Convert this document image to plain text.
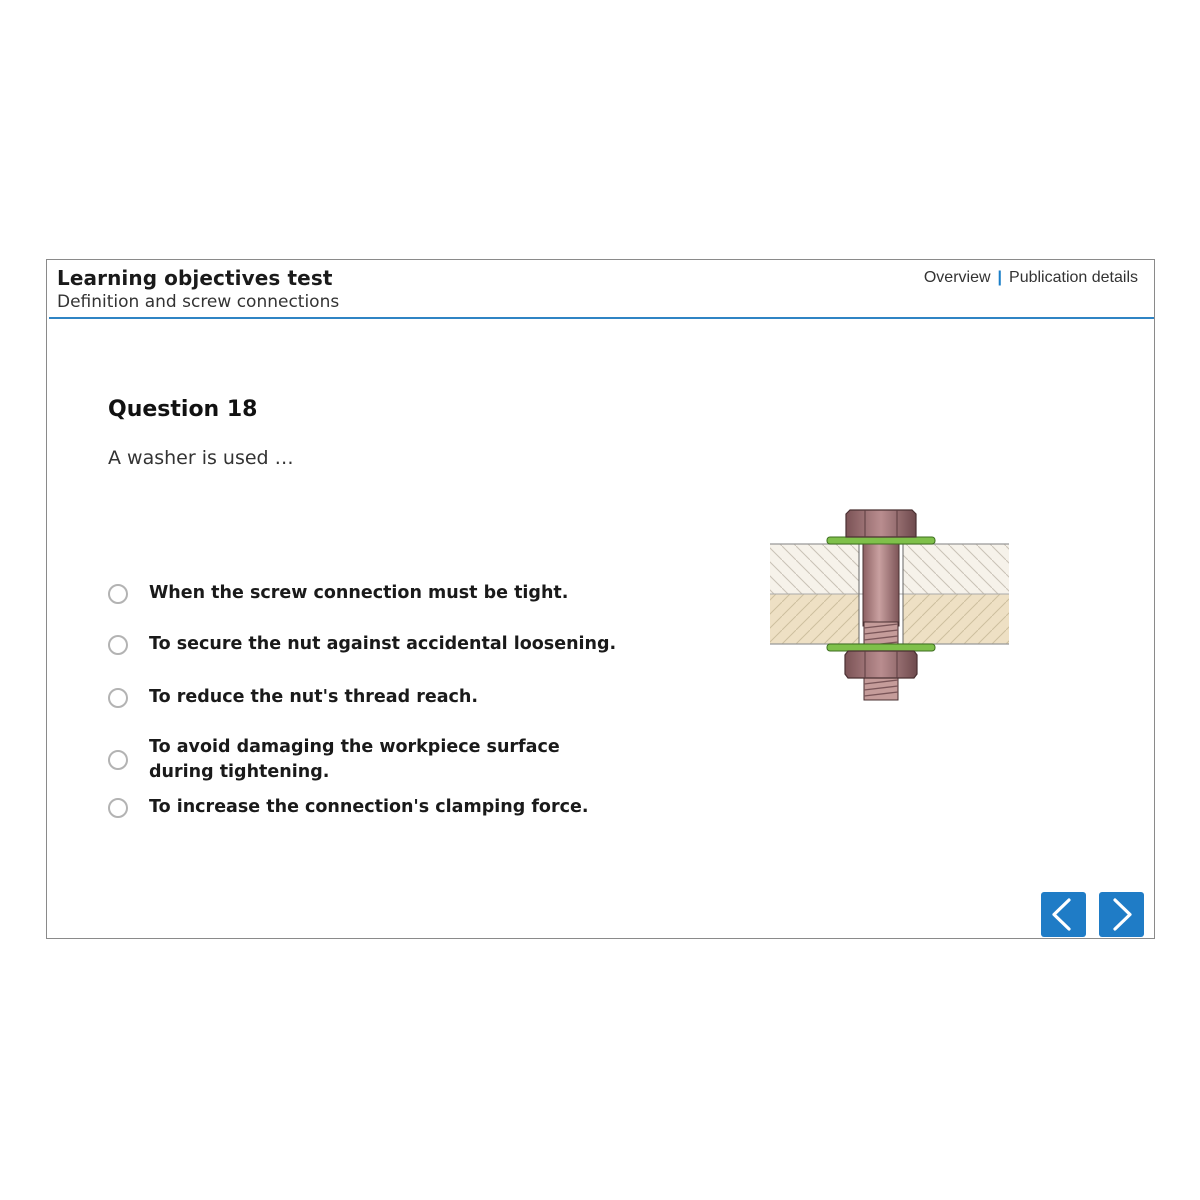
Learning objectives test
Definition and screw connections
Overview | Publication details
Question 18
A washer is used …
When the screw connection must be tight.
To secure the nut against accidental loosening.
To reduce the nut's thread reach.
To avoid damaging the workpiece surface during tightening.
To increase the connection's clamping force.
